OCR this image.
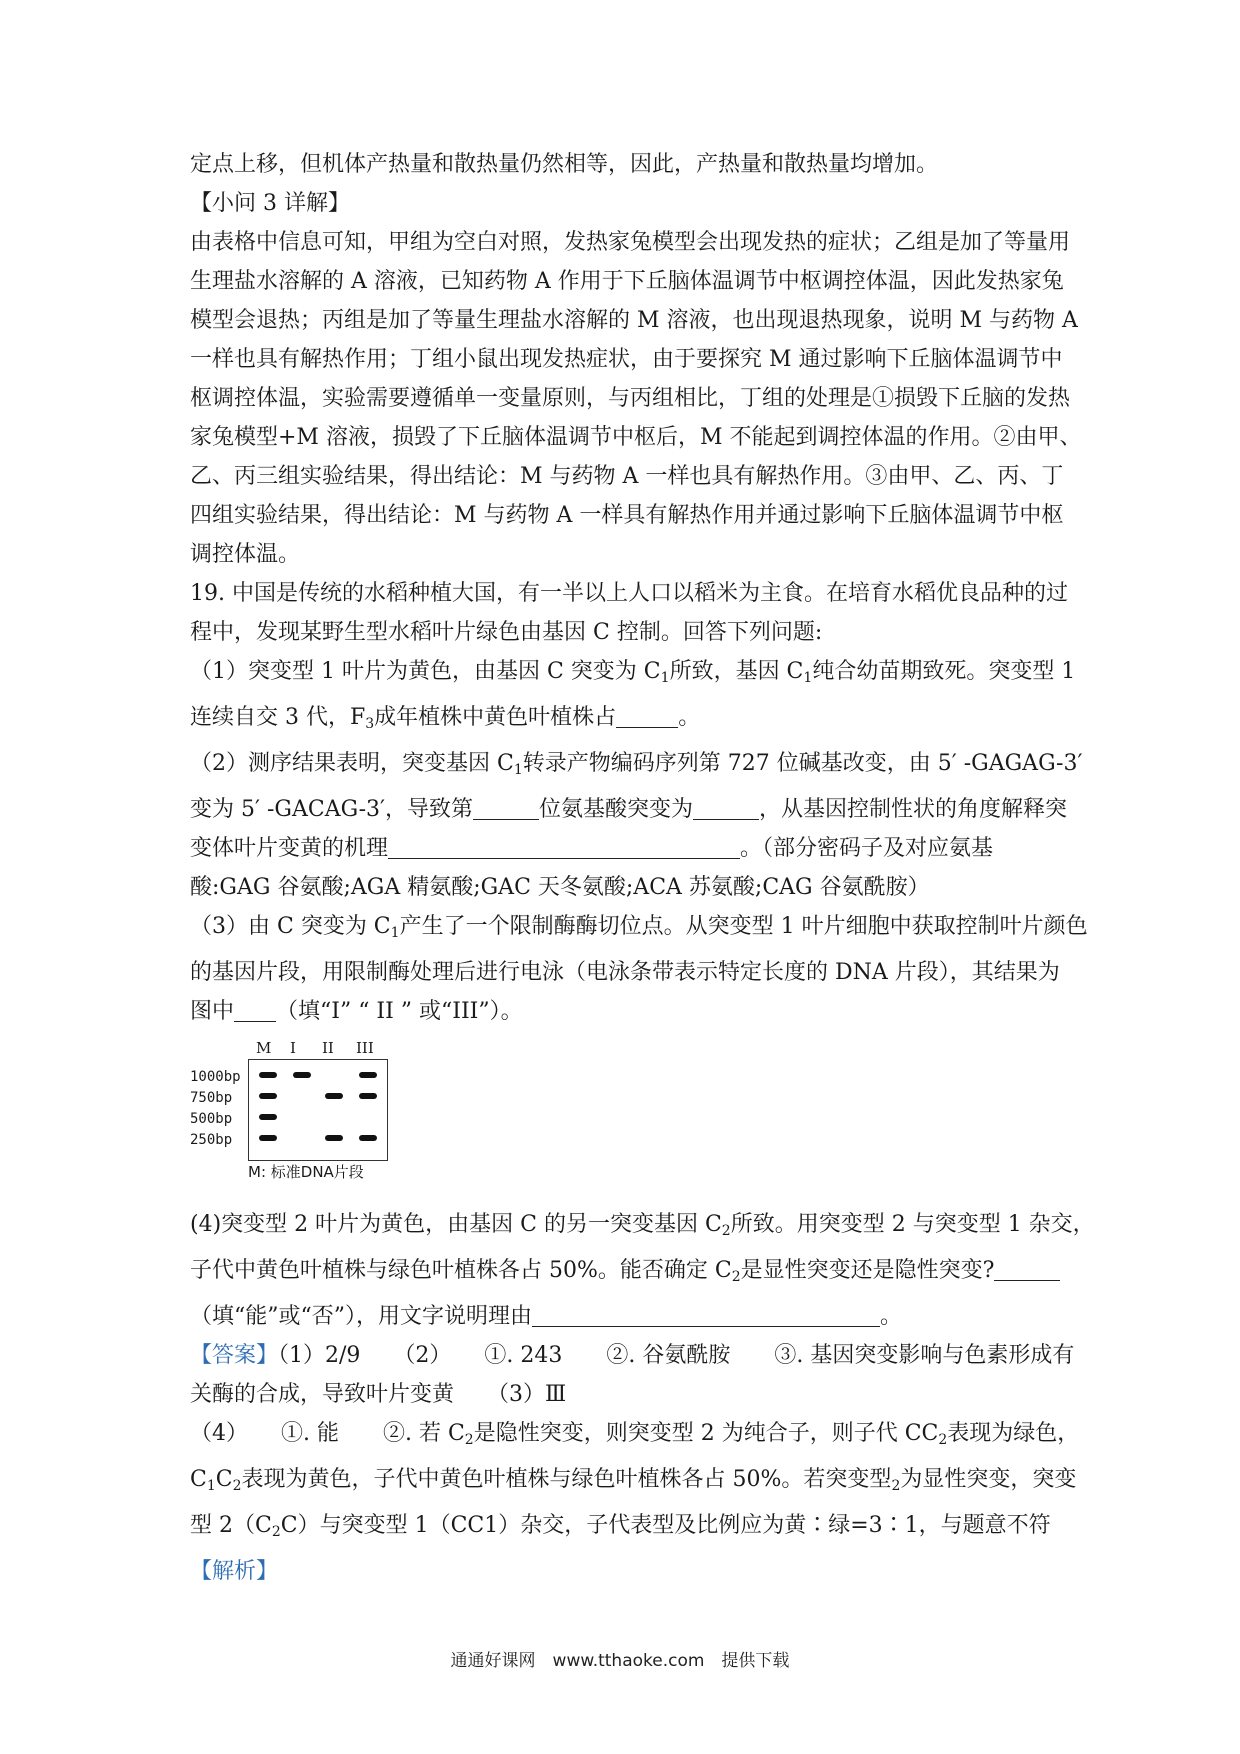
定点上移，但机体产热量和散热量仍然相等，因此，产热量和散热量均增加。

【小问 3 详解】

由表格中信息可知，甲组为空白对照，发热家兔模型会出现发热的症状；乙组是加了等量用

生理盐水溶解的 A 溶液，已知药物 A 作用于下丘脑体温调节中枢调控体温，因此发热家兔

模型会退热；丙组是加了等量生理盐水溶解的 M 溶液，也出现退热现象，说明 M 与药物 A

一样也具有解热作用；丁组小鼠出现发热症状，由于要探究 M 通过影响下丘脑体温调节中

枢调控体温，实验需要遵循单一变量原则，与丙组相比，丁组的处理是①损毁下丘脑的发热

家兔模型+M 溶液，损毁了下丘脑体温调节中枢后，M 不能起到调控体温的作用。②由甲、

乙、丙三组实验结果，得出结论：M 与药物 A 一样也具有解热作用。③由甲、乙、丙、丁

四组实验结果，得出结论：M 与药物 A 一样具有解热作用并通过影响下丘脑体温调节中枢

调控体温。

19. 中国是传统的水稻种植大国，有一半以上人口以稻米为主食。在培育水稻优良品种的过

程中，发现某野生型水稻叶片绿色由基因 C 控制。回答下列问题:

（1）突变型 1 叶片为黄色，由基因 C 突变为 $C_1$所致，基因 $C_1$纯合幼苗期致死。突变型 1

连续自交 3 代，$F_3$成年植株中黄色叶植株占	。

（2）测序结果表明，突变基因 $C_1$转录产物编码序列第 727 位碱基改变，由 5′ -GAGAG-3′

变为 5′ -GACAG-3′，导致第	位氨基酸突变为	，从基因控制性状的角度解释突

变体叶片变黄的机理	。（部分密码子及对应氨基

酸:GAG 谷氨酸;AGA 精氨酸;GAC 天冬氨酸;ACA 苏氨酸;CAG 谷氨酰胺）

（3）由 C 突变为 $C_1$产生了一个限制酶酶切位点。从突变型 1 叶片细胞中获取控制叶片颜色

的基因片段，用限制酶处理后进行电泳（电泳条带表示特定长度的 DNA 片段），其结果为

图中 （填“I” “ II ” 或“III”）。

M I II III
1000bp
750bp
500bp
250bp
M: 标准DNA片段

(4)突变型 2 叶片为黄色，由基因 C 的另一突变基因 $C_2$所致。用突变型 2 与突变型 1 杂交，

子代中黄色叶植株与绿色叶植株各占 50%。能否确定 $C_2$是显性突变还是隐性突变?

（填“能”或“否”），用文字说明理由	。

【答案】（1）2/9　　（2）　　①. 243　　②. 谷氨酰胺　　③. 基因突变影响与色素形成有

关酶的合成，导致叶片变黄　　（3）Ⅲ

（4）　　①. 能　　②. 若 $C_2$是隐性突变，则突变型 2 为纯合子，则子代 $CC_2$表现为绿色，

$C_1C_2$表现为黄色，子代中黄色叶植株与绿色叶植株各占 50%。若突变型$_2$为显性突变，突变

型 $2(C_2C)$与突变型 1（CC1）杂交，子代表型及比例应为黄∶绿=3∶1，与题意不符

【解析】

通通好课网　www.tthaoke.com　提供下载
